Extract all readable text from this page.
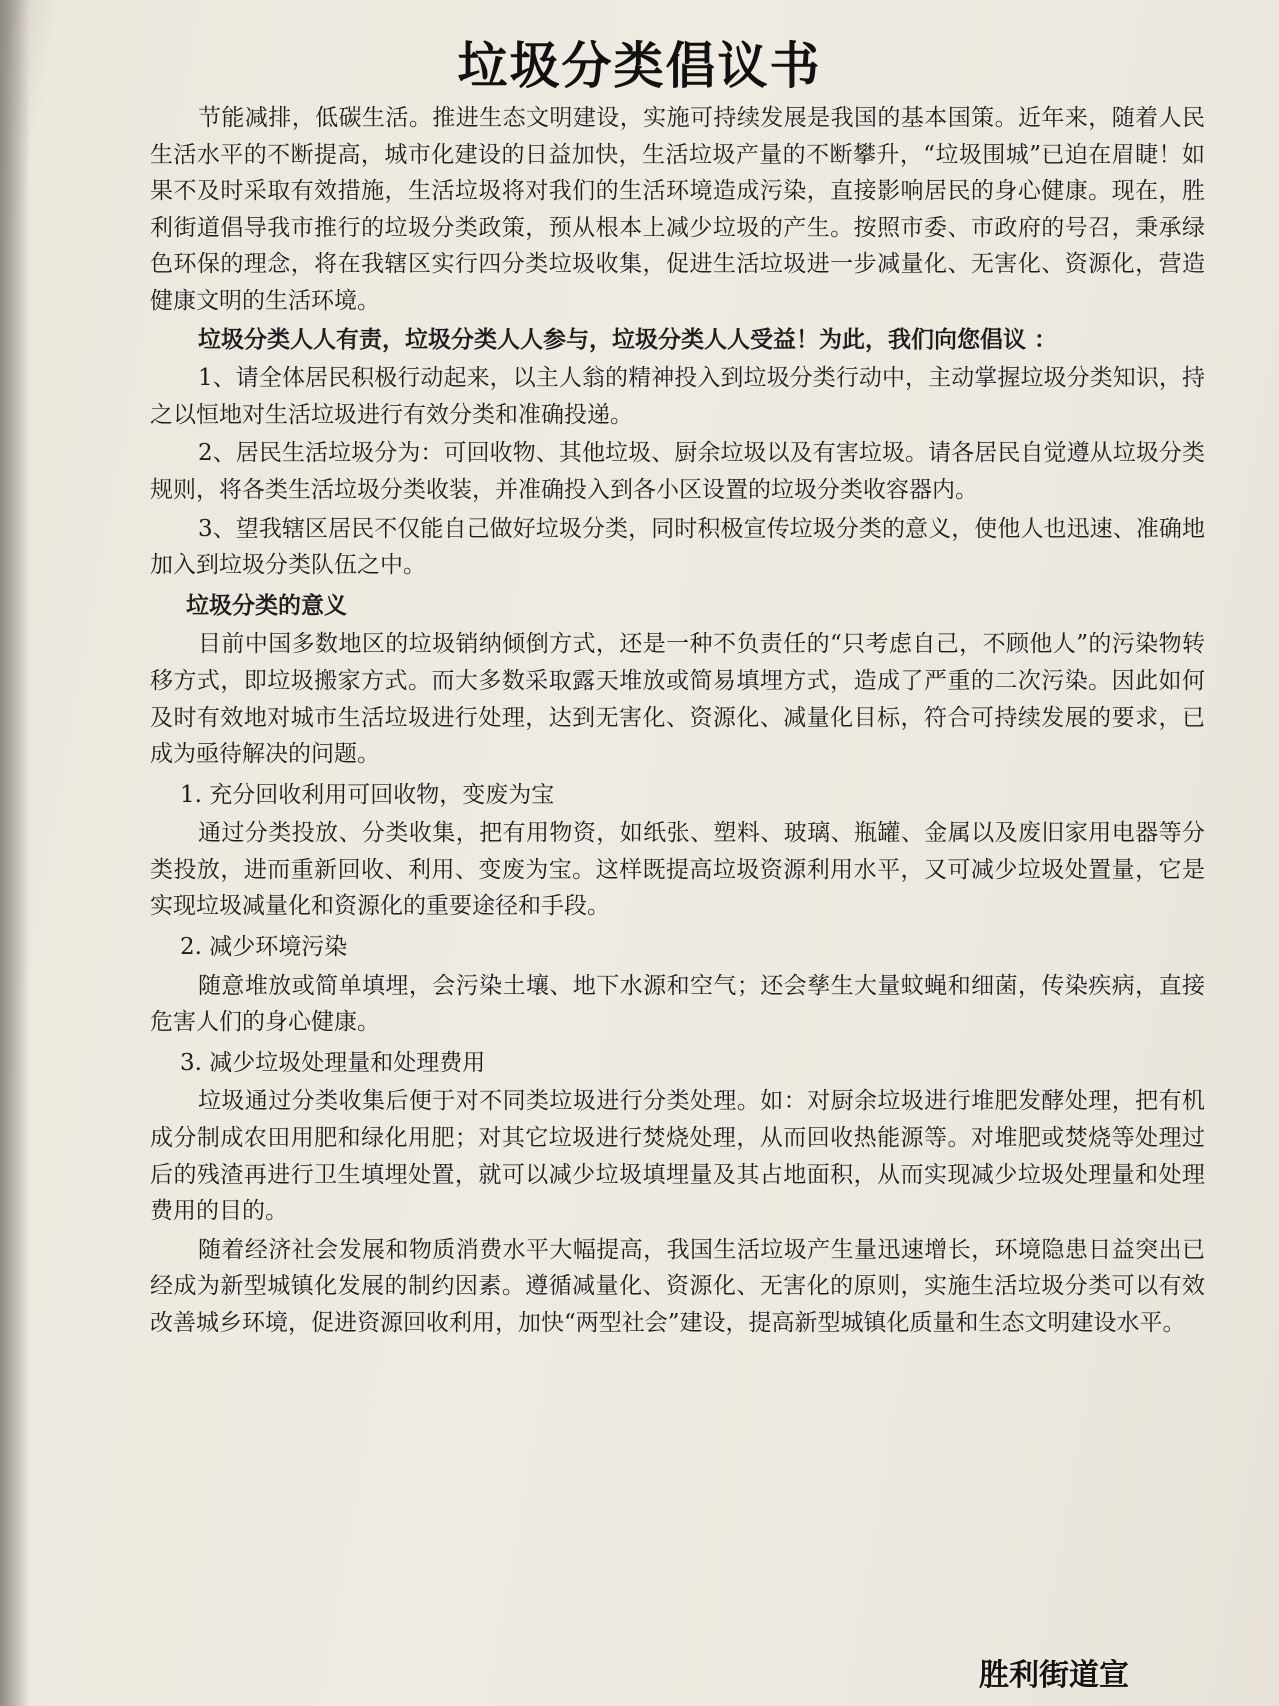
垃圾分类倡议书

节能减排，低碳生活。推进生态文明建设，实施可持续发展是我国的基本国策。近年来，随着人民生活水平的不断提高，城市化建设的日益加快，生活垃圾产量的不断攀升，“垃圾围城”已迫在眉睫！如果不及时采取有效措施，生活垃圾将对我们的生活环境造成污染，直接影响居民的身心健康。现在，胜利街道倡导我市推行的垃圾分类政策，预从根本上减少垃圾的产生。按照市委、市政府的号召，秉承绿色环保的理念，将在我辖区实行四分类垃圾收集，促进生活垃圾进一步减量化、无害化、资源化，营造健康文明的生活环境。

垃圾分类人人有责，垃圾分类人人参与，垃圾分类人人受益！为此，我们向您倡议 ：

1、请全体居民积极行动起来，以主人翁的精神投入到垃圾分类行动中，主动掌握垃圾分类知识，持之以恒地对生活垃圾进行有效分类和准确投递。

2、居民生活垃圾分为：可回收物、其他垃圾、厨余垃圾以及有害垃圾。请各居民自觉遵从垃圾分类规则，将各类生活垃圾分类收装，并准确投入到各小区设置的垃圾分类收容器内。

3、望我辖区居民不仅能自己做好垃圾分类，同时积极宣传垃圾分类的意义，使他人也迅速、准确地加入到垃圾分类队伍之中。

垃圾分类的意义

目前中国多数地区的垃圾销纳倾倒方式，还是一种不负责任的“只考虑自己，不顾他人”的污染物转移方式，即垃圾搬家方式。而大多数采取露天堆放或简易填埋方式，造成了严重的二次污染。因此如何及时有效地对城市生活垃圾进行处理，达到无害化、资源化、减量化目标，符合可持续发展的要求，已成为亟待解决的问题。

1. 充分回收利用可回收物，变废为宝

通过分类投放、分类收集，把有用物资，如纸张、塑料、玻璃、瓶罐、金属以及废旧家用电器等分类投放，进而重新回收、利用、变废为宝。这样既提高垃圾资源利用水平，又可减少垃圾处置量，它是实现垃圾减量化和资源化的重要途径和手段。

2. 减少环境污染

随意堆放或简单填埋，会污染土壤、地下水源和空气；还会孳生大量蚊蝇和细菌，传染疾病，直接危害人们的身心健康。

3. 减少垃圾处理量和处理费用

垃圾通过分类收集后便于对不同类垃圾进行分类处理。如：对厨余垃圾进行堆肥发酵处理，把有机成分制成农田用肥和绿化用肥；对其它垃圾进行焚烧处理，从而回收热能源等。对堆肥或焚烧等处理过后的残渣再进行卫生填埋处置，就可以减少垃圾填埋量及其占地面积，从而实现减少垃圾处理量和处理费用的目的。

随着经济社会发展和物质消费水平大幅提高，我国生活垃圾产生量迅速增长，环境隐患日益突出已经成为新型城镇化发展的制约因素。遵循减量化、资源化、无害化的原则，实施生活垃圾分类可以有效改善城乡环境，促进资源回收利用，加快“两型社会”建设，提高新型城镇化质量和生态文明建设水平。

胜利街道宣
